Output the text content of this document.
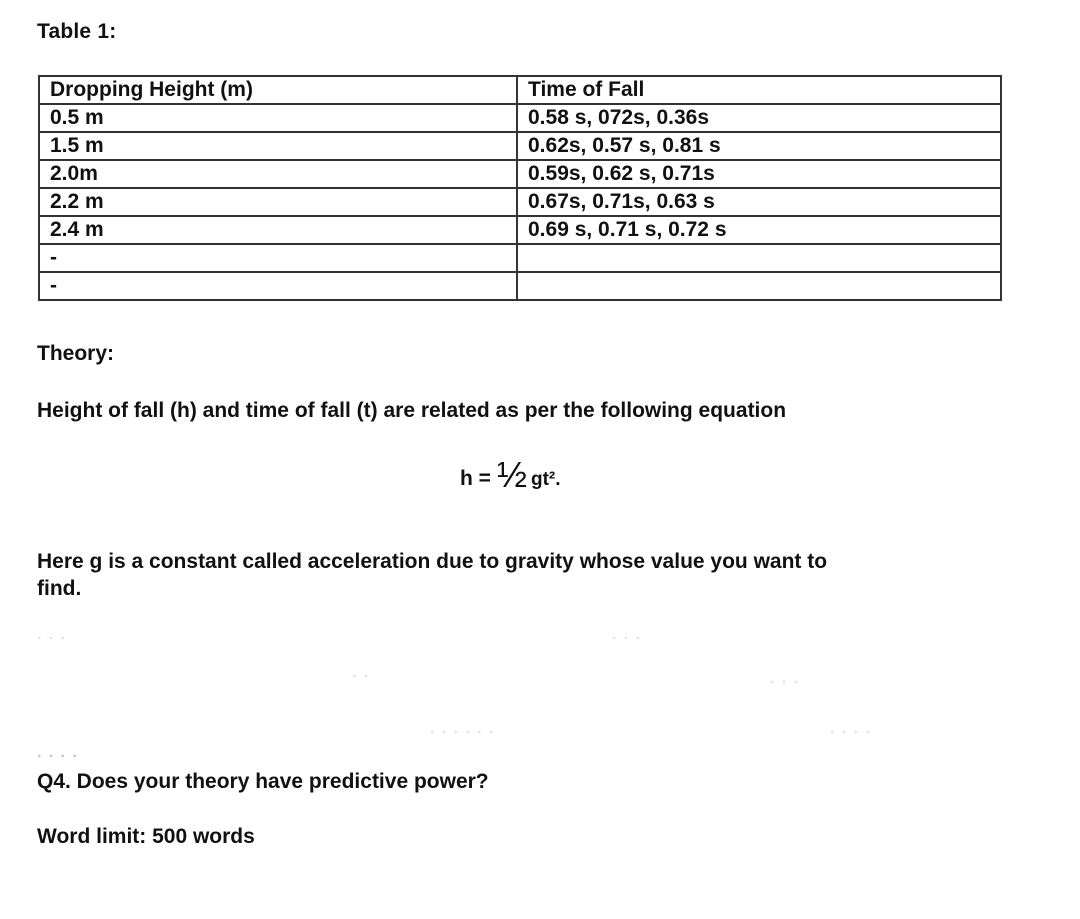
Table 1:
Dropping Height (m)	Time of Fall
0.5 m	0.58 s, 072s, 0.36s
1.5 m	0.62s, 0.57 s, 0.81 s
2.0m	0.59s, 0.62 s, 0.71s
2.2 m	0.67s, 0.71s, 0.63 s
2.4 m	0.69 s, 0.71 s, 0.72 s
-	
-	
Theory:
Height of fall (h) and time of fall (t) are related as per the following equation
h = ½ gt².
Here g is a constant called acceleration due to gravity whose value you want to find.
· · ·	· · ·
· ·	· · ·
· · · · · ·	· · · ·
· · · ·
Q4. Does your theory have predictive power?
Word limit: 500 words
